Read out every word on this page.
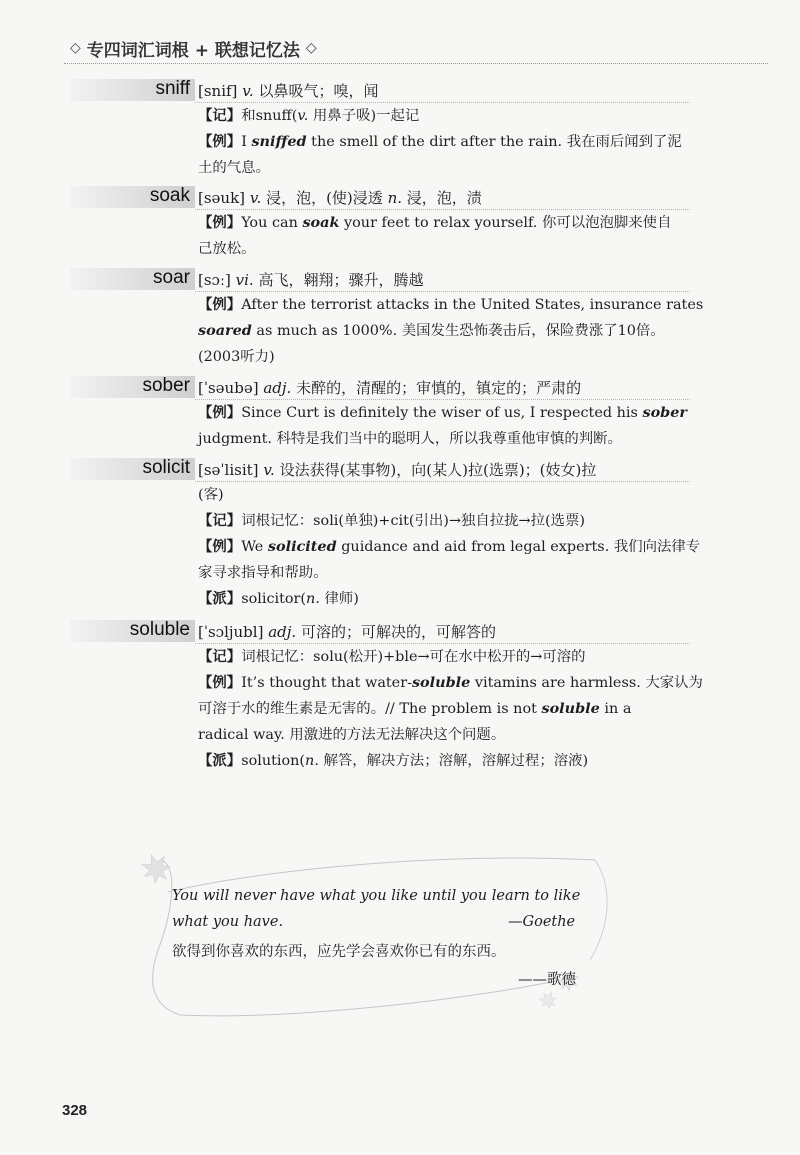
◇ 专四词汇词根 + 联想记忆法 ◇
sniff [snif] v. 以鼻吸气；嗅，闻
【记】和snuff(v. 用鼻子吸)一起记
【例】I sniffed the smell of the dirt after the rain. 我在雨后闻到了泥
土的气息。
soak [səuk] v. 浸，泡，(使)浸透 n. 浸，泡，渍
【例】You can soak your feet to relax yourself. 你可以泡泡脚来使自
己放松。
soar [sɔː] vi. 高飞，翱翔；骤升，腾越
【例】After the terrorist attacks in the United States, insurance rates
soared as much as 1000%. 美国发生恐怖袭击后，保险费涨了10倍。
(2003听力)
sober [ˈsəubə] adj. 未醉的，清醒的；审慎的，镇定的；严肃的
【例】Since Curt is definitely the wiser of us, I respected his sober
judgment. 科特是我们当中的聪明人，所以我尊重他审慎的判断。
solicit [səˈlisit] v. 设法获得(某事物)，向(某人)拉(选票)；(妓女)拉
(客)
【记】词根记忆：soli(单独)+cit(引出)→独自拉拢→拉(选票)
【例】We solicited guidance and aid from legal experts. 我们向法律专
家寻求指导和帮助。
【派】solicitor(n. 律师)
soluble [ˈsɔljubl] adj. 可溶的；可解决的，可解答的
【记】词根记忆：solu(松开)+ble→可在水中松开的→可溶的
【例】It’s thought that water-soluble vitamins are harmless. 大家认为
可溶于水的维生素是无害的。// The problem is not soluble in a
radical way. 用激进的方法无法解决这个问题。
【派】solution(n. 解答，解决方法；溶解，溶解过程；溶液)
You will never have what you like until you learn to like
what you have.	—Goethe
欲得到你喜欢的东西，应先学会喜欢你已有的东西。
——歌德
328
